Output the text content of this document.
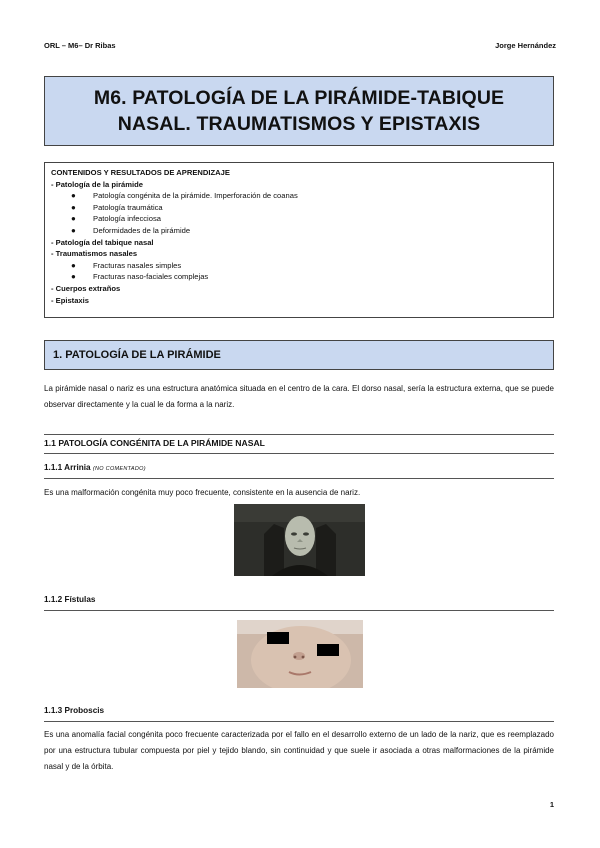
ORL – M6– Dr Ribas	Jorge Hernández
M6. PATOLOGÍA DE LA PIRÁMIDE-TABIQUE
NASAL. TRAUMATISMOS Y EPISTAXIS
CONTENIDOS Y RESULTADOS DE APRENDIZAJE
- Patología de la pirámide
● Patología congénita de la pirámide. Imperforación de coanas
● Patología traumática
● Patología infecciosa
● Deformidades de la pirámide
- Patología del tabique nasal
- Traumatismos nasales
● Fracturas nasales simples
● Fracturas naso-faciales complejas
- Cuerpos extraños
- Epistaxis
1. PATOLOGÍA DE LA PIRÁMIDE
La pirámide nasal o nariz es una estructura anatómica situada en el centro de la cara. El dorso nasal, sería la estructura externa, que se puede observar directamente y la cual le da forma a la nariz.
1.1 PATOLOGÍA CONGÉNITA DE LA PIRÁMIDE NASAL
1.1.1 Arrinia (NO COMENTADO)
Es una malformación congénita muy poco frecuente, consistente en la ausencia de nariz.
1.1.2 Fístulas
1.1.3 Proboscis
Es una anomalía facial congénita poco frecuente caracterizada por el fallo en el desarrollo externo de un lado de la nariz, que es reemplazado por una estructura tubular compuesta por piel y tejido blando, sin continuidad y que suele ir asociada a otras malformaciones de la pirámide nasal y de la órbita.
1
